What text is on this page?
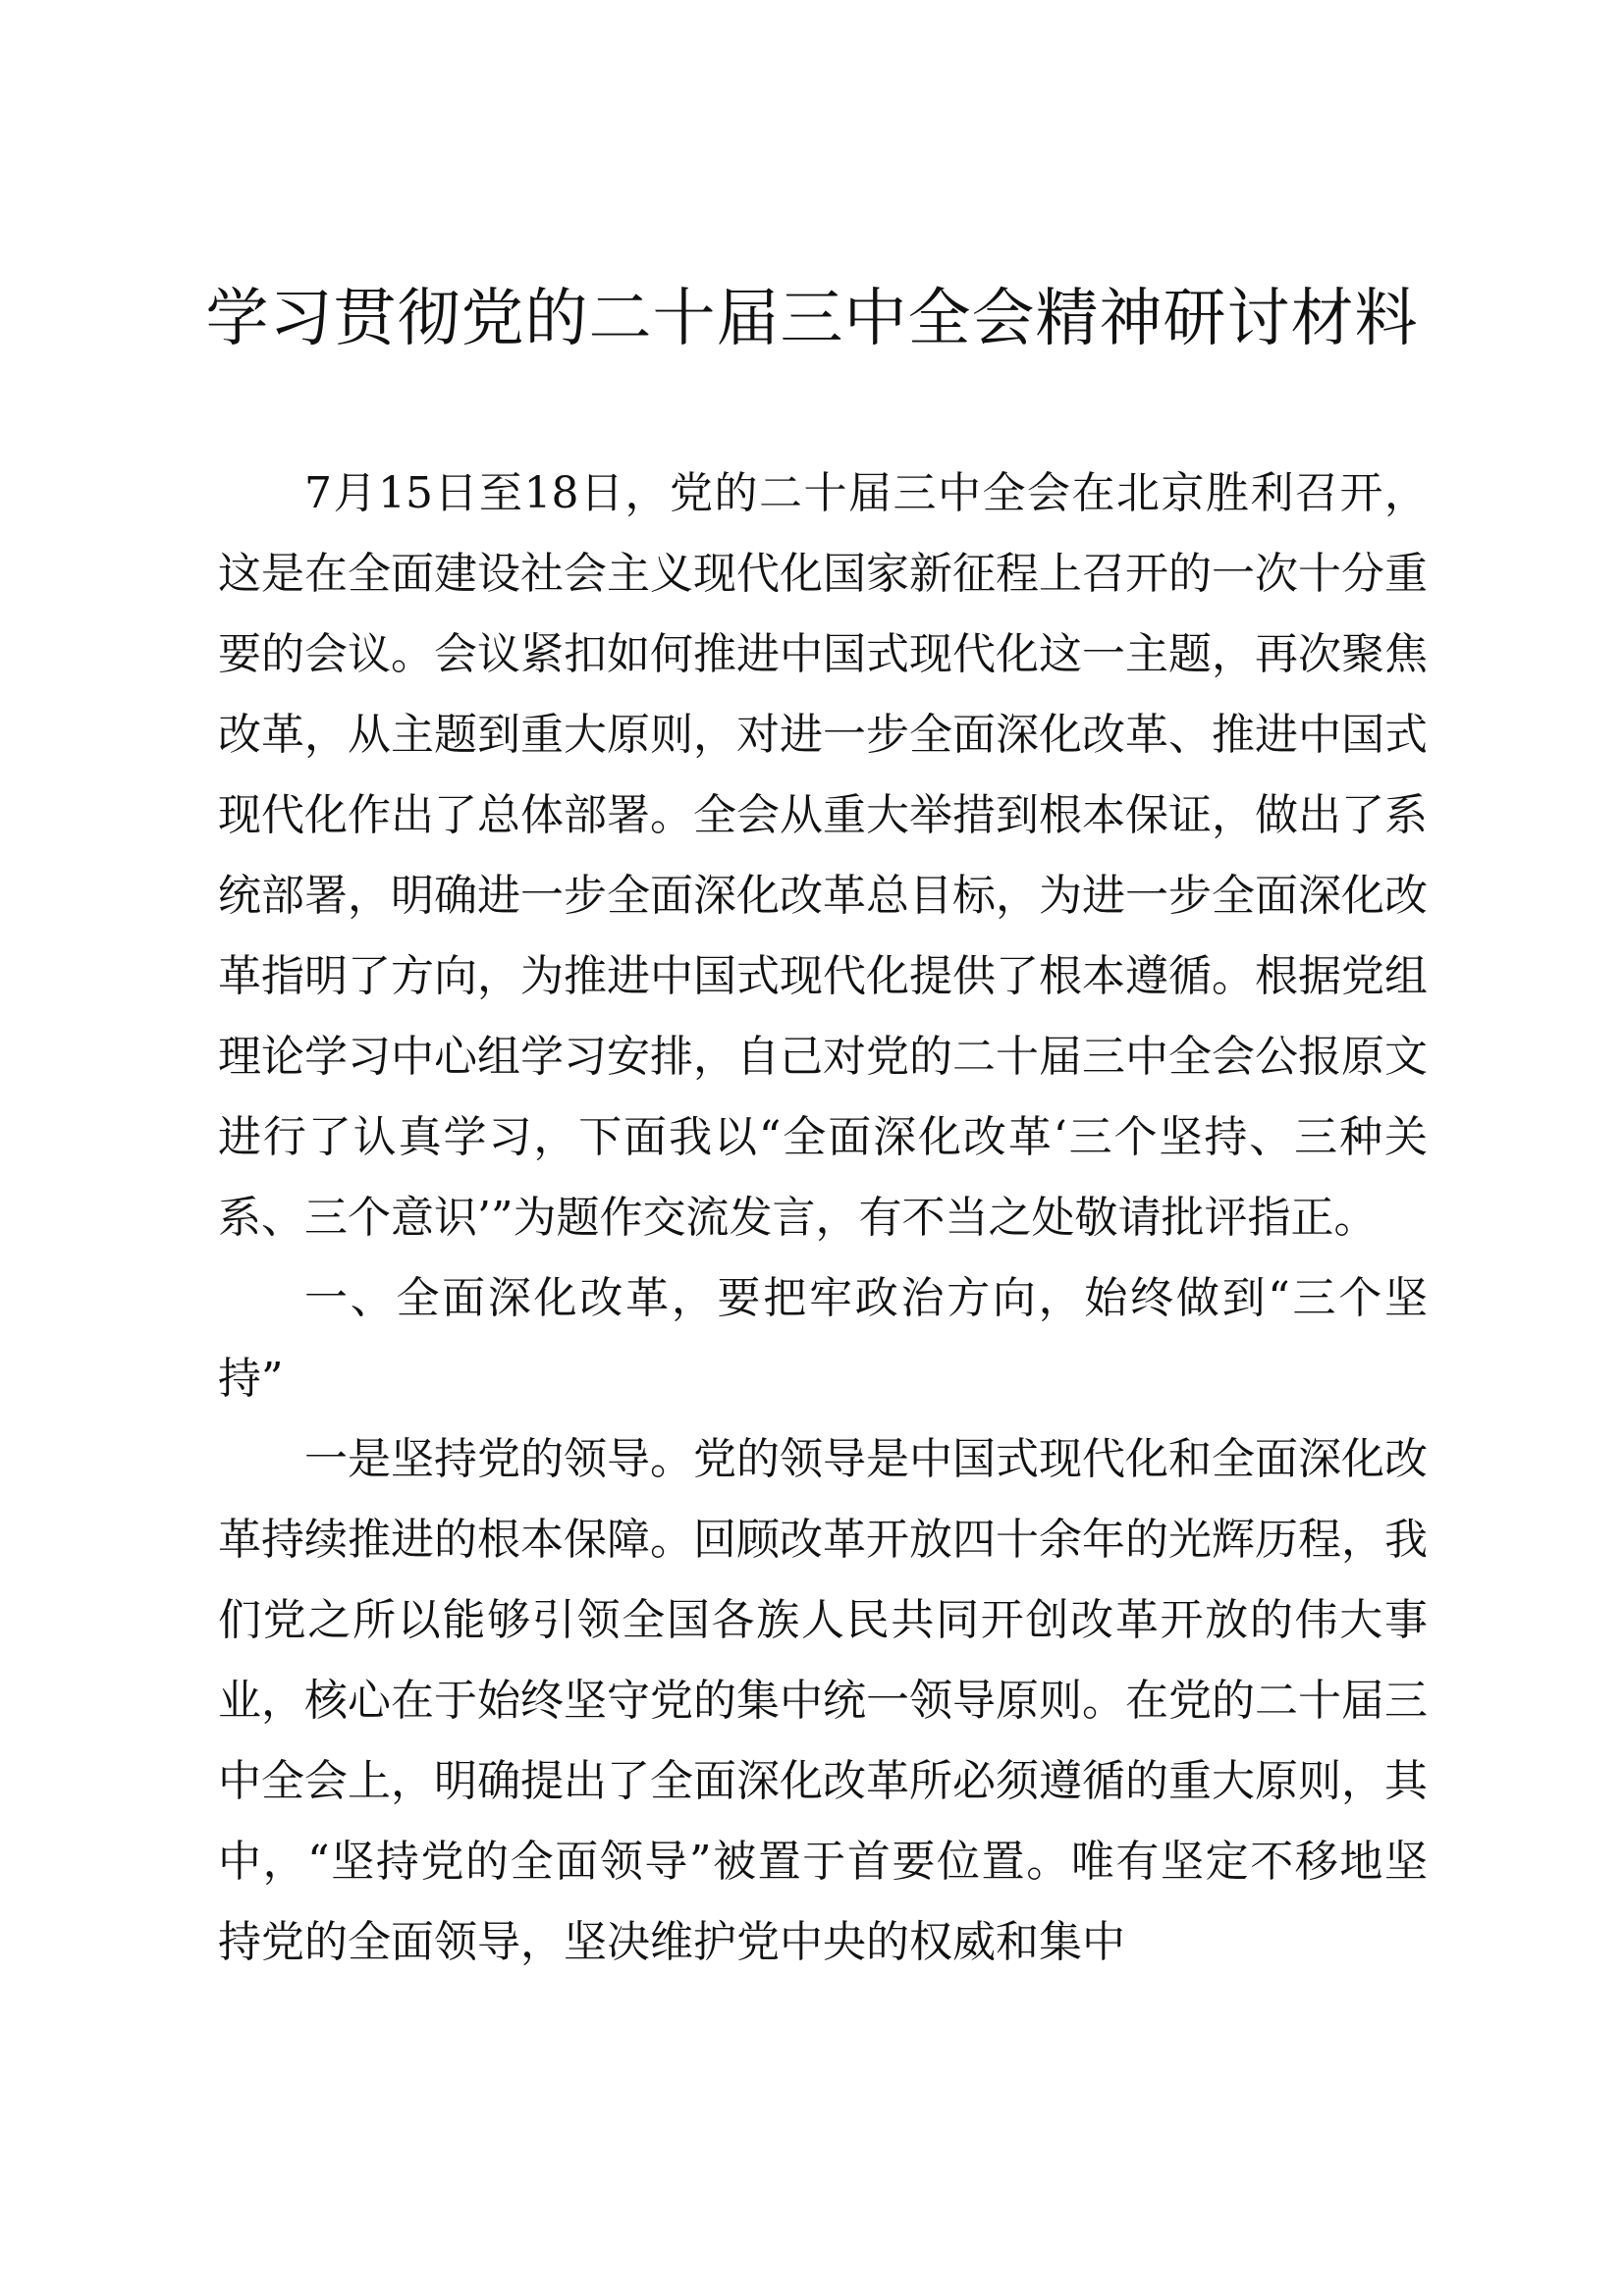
学习贯彻党的二十届三中全会精神研讨材料

7月15日至18日，党的二十届三中全会在北京胜利召开，这是在全面建设社会主义现代化国家新征程上召开的一次十分重要的会议。会议紧扣如何推进中国式现代化这一主题，再次聚焦改革，从主题到重大原则，对进一步全面深化改革、推进中国式现代化作出了总体部署。全会从重大举措到根本保证，做出了系统部署，明确进一步全面深化改革总目标，为进一步全面深化改革指明了方向，为推进中国式现代化提供了根本遵循。根据党组理论学习中心组学习安排，自己对党的二十届三中全会公报原文进行了认真学习，下面我以“全面深化改革‘三个坚持、三种关系、三个意识’”为题作交流发言，有不当之处敬请批评指正。

一、全面深化改革，要把牢政治方向，始终做到“三个坚持”

一是坚持党的领导。党的领导是中国式现代化和全面深化改革持续推进的根本保障。回顾改革开放四十余年的光辉历程，我们党之所以能够引领全国各族人民共同开创改革开放的伟大事业，核心在于始终坚守党的集中统一领导原则。在党的二十届三中全会上，明确提出了全面深化改革所必须遵循的重大原则，其中，“坚持党的全面领导”被置于首要位置。唯有坚定不移地坚持党的全面领导，坚决维护党中央的权威和集中
